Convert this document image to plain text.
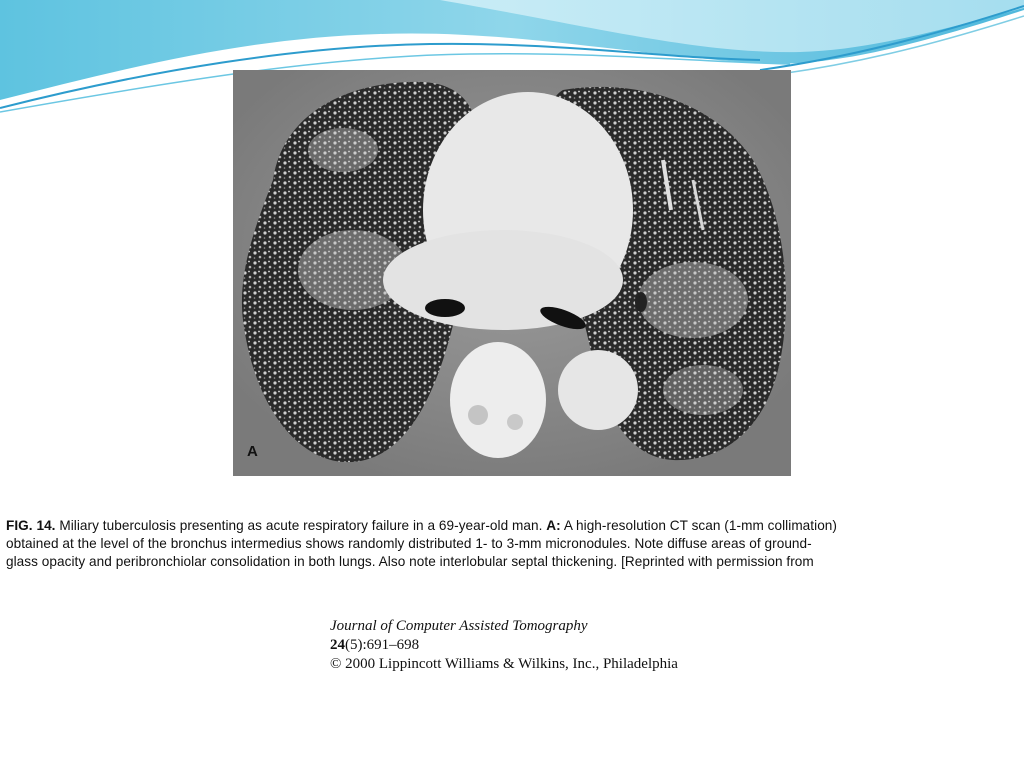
A
FIG. 14. Miliary tuberculosis presenting as acute respiratory failure in a 69-year-old man. A: A high-resolution CT scan (1-mm collimation)
obtained at the level of the bronchus intermedius shows randomly distributed 1- to 3-mm micronodules. Note diffuse areas of ground-
glass opacity and peribronchiolar consolidation in both lungs. Also note interlobular septal thickening. [Reprinted with permission from
Journal of Computer Assisted Tomography
24(5):691–698
© 2000 Lippincott Williams & Wilkins, Inc., Philadelphia
